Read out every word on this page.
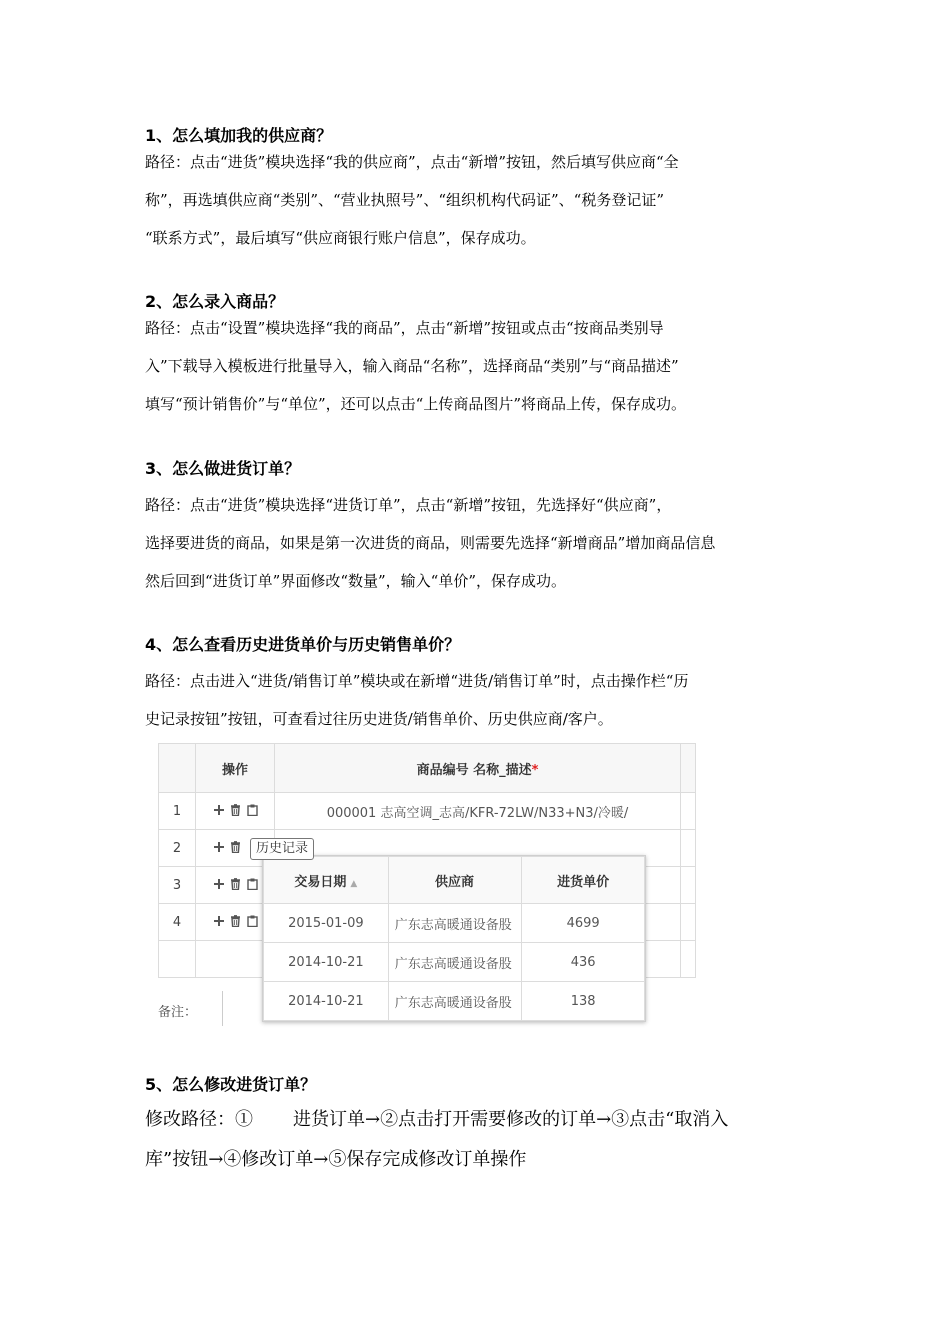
1、怎么填加我的供应商？
路径：点击“进货”模块选择“我的供应商”，点击“新增”按钮，然后填写供应商“全
称”，再选填供应商“类别”、“营业执照号”、“组织机构代码证”、“税务登记证”
“联系方式”，最后填写“供应商银行账户信息”，保存成功。
2、怎么录入商品？
路径：点击“设置”模块选择“我的商品”，点击“新增”按钮或点击“按商品类别导
入”下载导入模板进行批量导入，输入商品“名称”，选择商品“类别”与“商品描述”
填写“预计销售价”与“单位”，还可以点击“上传商品图片”将商品上传，保存成功。
3、怎么做进货订单？
路径：点击“进货”模块选择“进货订单”，点击“新增”按钮，先选择好“供应商”，
选择要进货的商品，如果是第一次进货的商品，则需要先选择“新增商品”增加商品信息
然后回到“进货订单”界面修改“数量”，输入“单价”，保存成功。
4、怎么查看历史进货单价与历史销售单价？
路径：点击进入“进货/销售订单”模块或在新增“进货/销售订单”时，点击操作栏“历
史记录按钮”按钮，可查看过往历史进货/销售单价、历史供应商/客户。
	操作	商品编号 名称_描述*	
1		000001 志高空调_志高/KFR-72LW/N33+N3/冷暖/	
2	

3	

4	

备注：
交易日期 ▲	供应商	进货单价
2015-01-09	广东志高暖通设备股	4699
2014-10-21	广东志高暖通设备股	436
2014-10-21	广东志高暖通设备股	138
历史记录
5、怎么修改进货订单？
修改路径：① 进货订单→②点击打开需要修改的订单→③点击“取消入
库”按钮→④修改订单→⑤保存完成修改订单操作
